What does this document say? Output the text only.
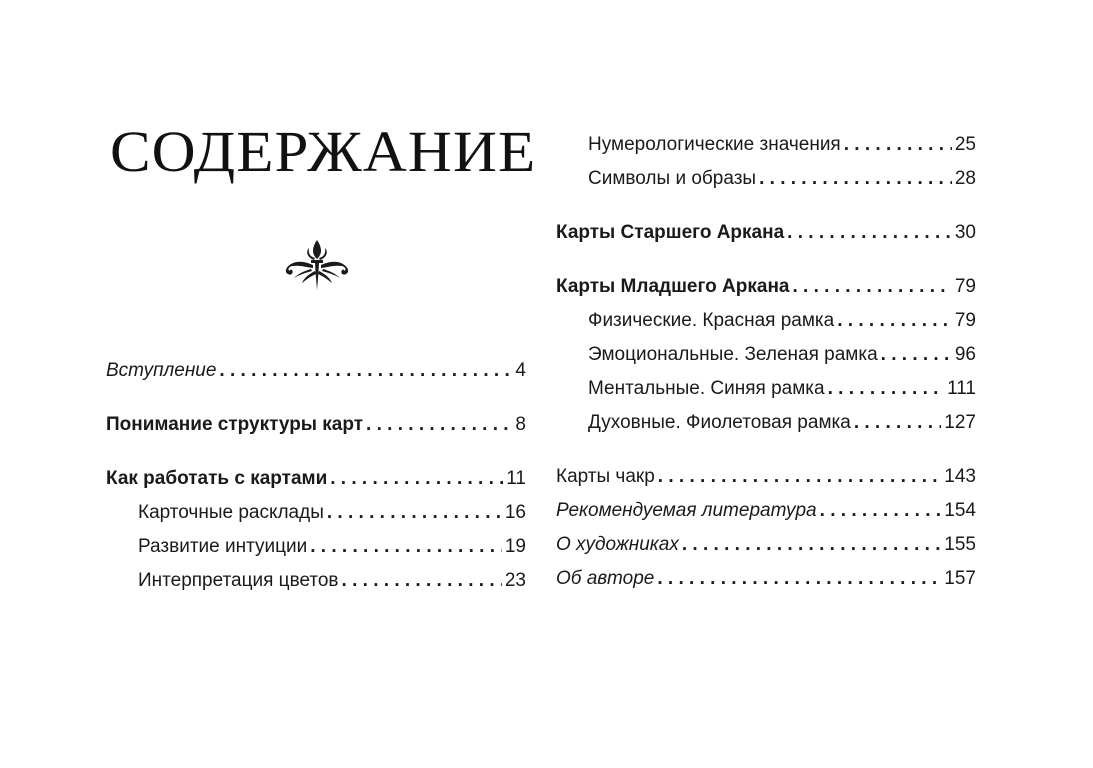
СОДЕРЖАНИЕ
Вступление . . .	4
Понимание структуры карт . . .	8
Как работать с картами . . .	11
Карточные расклады . . .	16
Развитие интуиции . . .	19
Интерпретация цветов . . .	23
Нумерологические значения . . .	25
Символы и образы . . .	28
Карты Старшего Аркана . . .	30
Карты Младшего Аркана . . .	79
Физические. Красная рамка . . .	79
Эмоциональные. Зеленая рамка . . .	96
Ментальные. Синяя рамка . . .	111
Духовные. Фиолетовая рамка . . .	127
Карты чакр . . .	143
Рекомендуемая литература . . .	154
О художниках . . .	155
Об авторе . . .	157
